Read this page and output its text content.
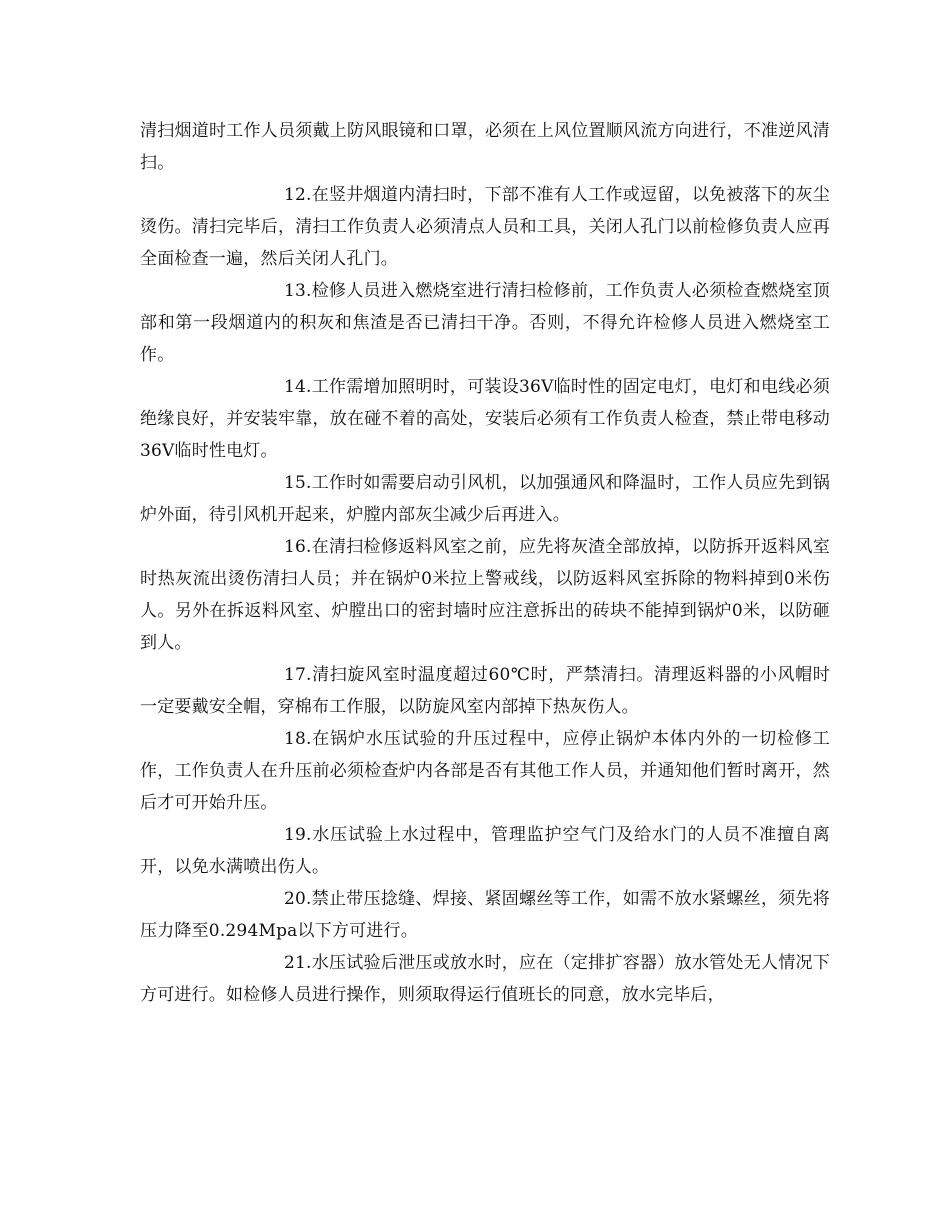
清扫烟道时工作人员须戴上防风眼镜和口罩，必须在上风位置顺风流方向进行，不准逆风清扫。

12.在竖井烟道内清扫时，下部不准有人工作或逗留，以免被落下的灰尘烫伤。清扫完毕后，清扫工作负责人必须清点人员和工具，关闭人孔门以前检修负责人应再全面检查一遍，然后关闭人孔门。

13.检修人员进入燃烧室进行清扫检修前，工作负责人必须检查燃烧室顶部和第一段烟道内的积灰和焦渣是否已清扫干净。否则，不得允许检修人员进入燃烧室工作。

14.工作需增加照明时，可装设36V临时性的固定电灯，电灯和电线必须绝缘良好，并安装牢靠，放在碰不着的高处，安装后必须有工作负责人检查，禁止带电移动 36V临时性电灯。

15.工作时如需要启动引风机，以加强通风和降温时，工作人员应先到锅炉外面，待引风机开起来，炉膛内部灰尘减少后再进入。

16.在清扫检修返料风室之前，应先将灰渣全部放掉，以防拆开返料风室时热灰流出烫伤清扫人员；并在锅炉0米拉上警戒线，以防返料风室拆除的物料掉到0米伤人。另外在拆返料风室、炉膛出口的密封墙时应注意拆出的砖块不能掉到锅炉0米，以防砸到人。

17.清扫旋风室时温度超过60℃时，严禁清扫。清理返料器的小风帽时一定要戴安全帽，穿棉布工作服，以防旋风室内部掉下热灰伤人。

18.在锅炉水压试验的升压过程中，应停止锅炉本体内外的一切检修工作，工作负责人在升压前必须检查炉内各部是否有其他工作人员，并通知他们暂时离开，然后才可开始升压。

19.水压试验上水过程中，管理监护空气门及给水门的人员不准擅自离开，以免水满喷出伤人。

20.禁止带压捻缝、焊接、紧固螺丝等工作，如需不放水紧螺丝，须先将压力降至0.294Mpa以下方可进行。

21.水压试验后泄压或放水时，应在（定排扩容器）放水管处无人情况下方可进行。如检修人员进行操作，则须取得运行值班长的同意，放水完毕后，
